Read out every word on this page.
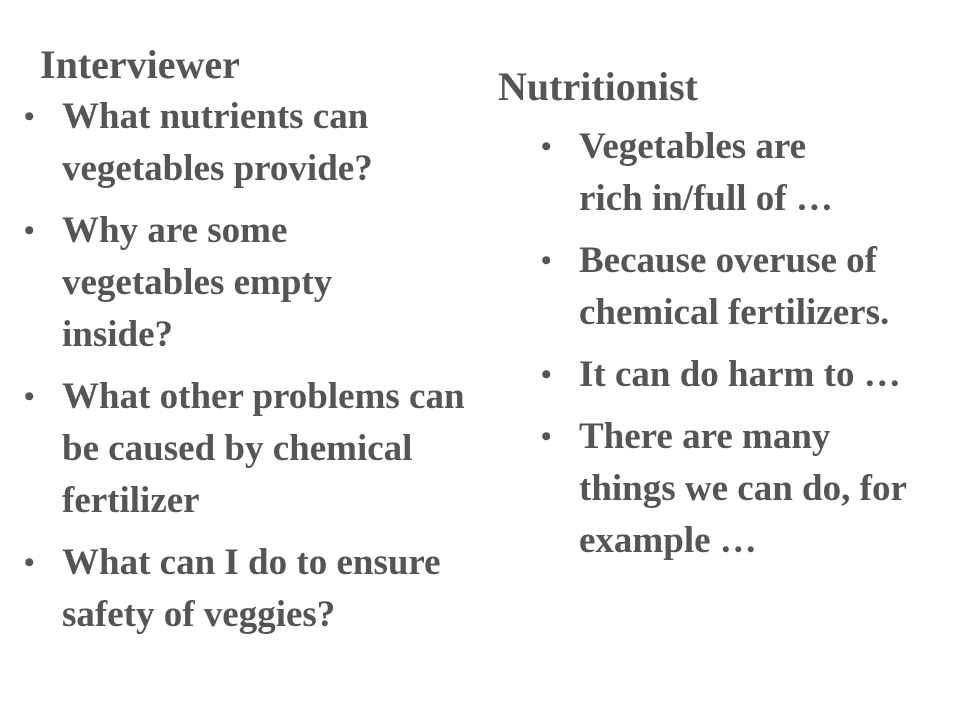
Interviewer
• What nutrients can vegetables provide?
• Why are some vegetables empty inside?
• What other problems can be caused by chemical fertilizer
• What can I do to ensure safety of veggies?
Nutritionist
• Vegetables are rich in/full of …
• Because overuse of chemical fertilizers.
• It can do harm to …
• There are many things we can do, for example …
